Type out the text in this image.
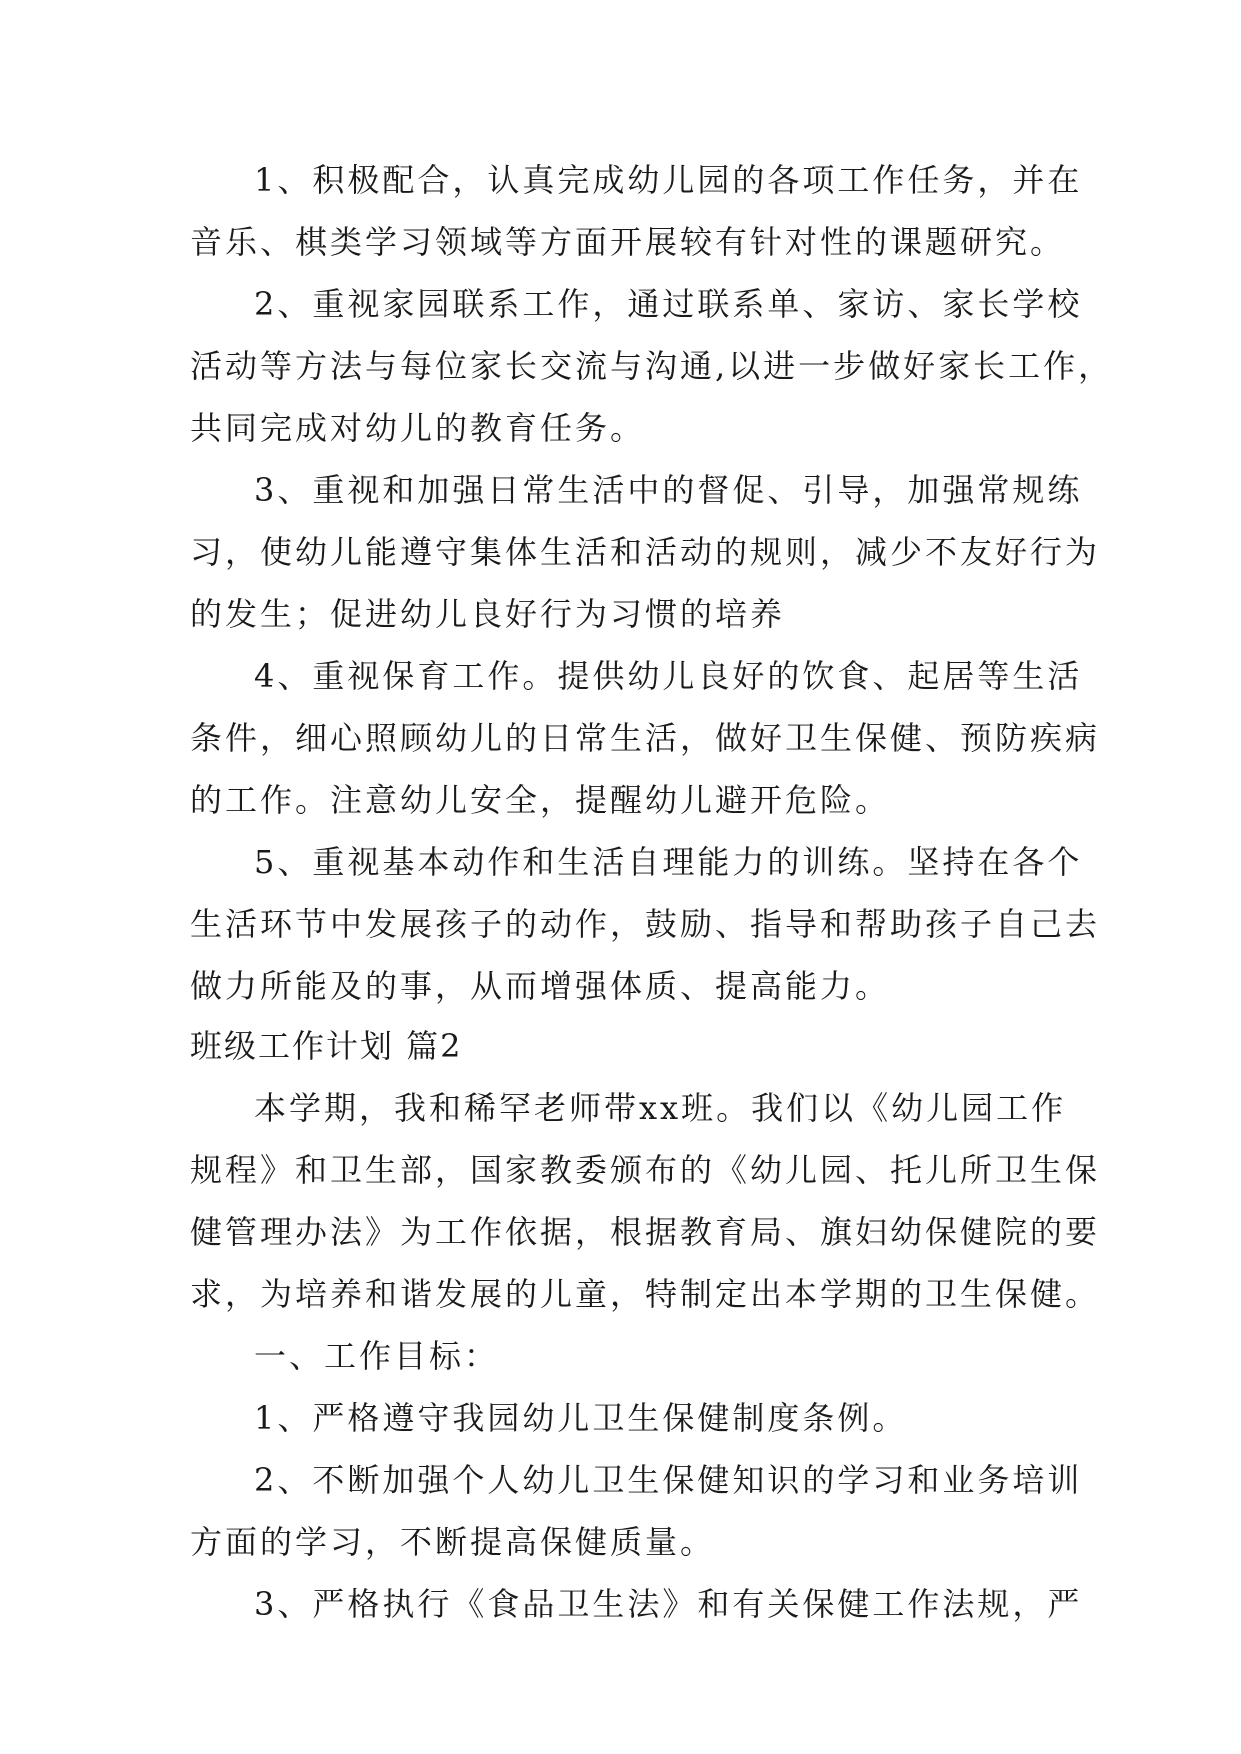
1、积极配合，认真完成幼儿园的各项工作任务，并在
音乐、棋类学习领域等方面开展较有针对性的课题研究。
2、重视家园联系工作，通过联系单、家访、家长学校
活动等方法与每位家长交流与沟通,以进一步做好家长工作，
共同完成对幼儿的教育任务。
3、重视和加强日常生活中的督促、引导，加强常规练
习，使幼儿能遵守集体生活和活动的规则，减少不友好行为
的发生；促进幼儿良好行为习惯的培养
4、重视保育工作。提供幼儿良好的饮食、起居等生活
条件，细心照顾幼儿的日常生活，做好卫生保健、预防疾病
的工作。注意幼儿安全，提醒幼儿避开危险。
5、重视基本动作和生活自理能力的训练。坚持在各个
生活环节中发展孩子的动作，鼓励、指导和帮助孩子自己去
做力所能及的事，从而增强体质、提高能力。
班级工作计划 篇2
本学期，我和稀罕老师带xx班。我们以《幼儿园工作
规程》和卫生部，国家教委颁布的《幼儿园、托儿所卫生保
健管理办法》为工作依据，根据教育局、旗妇幼保健院的要
求，为培养和谐发展的儿童，特制定出本学期的卫生保健。
一、工作目标：
1、严格遵守我园幼儿卫生保健制度条例。
2、不断加强个人幼儿卫生保健知识的学习和业务培训
方面的学习，不断提高保健质量。
3、严格执行《食品卫生法》和有关保健工作法规，严
